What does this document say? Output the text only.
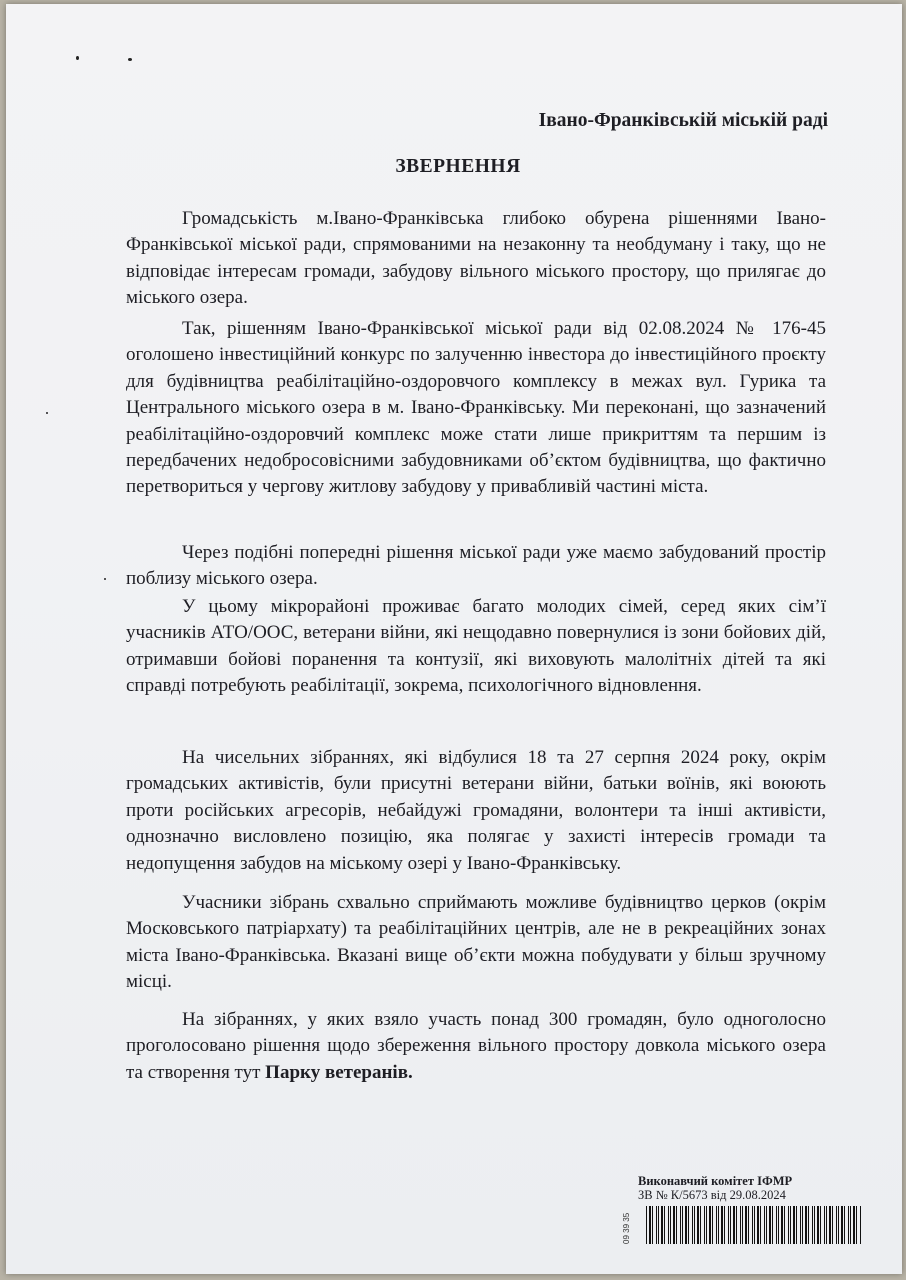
Івано-Франківській міській раді
ЗВЕРНЕННЯ

Громадськість м.Івано-Франківська глибоко обурена рішеннями Івано-Франківської міської ради, спрямованими на незаконну та необдуману і таку, що не відповідає інтересам громади, забудову вільного міського простору, що прилягає до міського озера.

Так, рішенням Івано-Франківської міської ради від 02.08.2024 № 176-45 оголошено інвестиційний конкурс по залученню інвестора до інвестиційного проєкту для будівництва реабілітаційно-оздоровчого комплексу в межах вул. Гурика та Центрального міського озера в м. Івано-Франківську. Ми переконані, що зазначений реабілітаційно-оздоровчий комплекс може стати лише прикриттям та першим із передбачених недобросовісними забудовниками об’єктом будівництва, що фактично перетвориться у чергову житлову забудову у привабливій частині міста.

Через подібні попередні рішення міської ради уже маємо забудований простір поблизу міського озера.

У цьому мікрорайоні проживає багато молодих сімей, серед яких сім’ї учасників АТО/ООС, ветерани війни, які нещодавно повернулися із зони бойових дій, отримавши бойові поранення та контузії, які виховують малолітніх дітей та які справді потребують реабілітації, зокрема, психологічного відновлення.

На чисельних зібраннях, які відбулися 18 та 27 серпня 2024 року, окрім громадських активістів, були присутні ветерани війни, батьки воїнів, які воюють проти російських агресорів, небайдужі громадяни, волонтери та інші активісти, однозначно висловлено позицію, яка полягає у захисті інтересів громади та недопущення забудов на міському озері у Івано-Франківську.

Учасники зібрань схвально сприймають можливе будівництво церков (окрім Московського патріархату) та реабілітаційних центрів, але не в рекреаційних зонах міста Івано-Франківська. Вказані вище об’єкти можна побудувати у більш зручному місці.

На зібраннях, у яких взяло участь понад 300 громадян, було одноголосно проголосовано рішення щодо збереження вільного простору довкола міського озера та створення тут Парку ветеранів.

Виконавчий комітет ІФМР
ЗВ № К/5673 від 29.08.2024
09 39 35
